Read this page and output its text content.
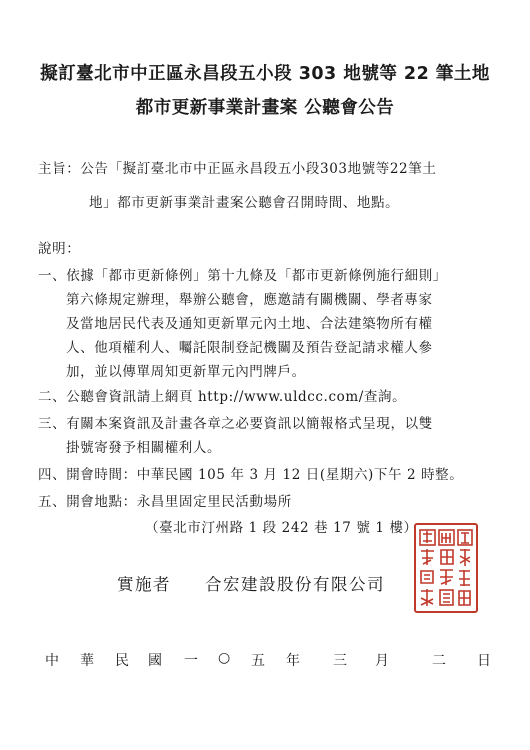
擬訂臺北市中正區永昌段五小段 303 地號等 22 筆土地
都市更新事業計畫案 公聽會公告
主旨：公告「擬訂臺北市中正區永昌段五小段303地號等22筆土
地」都市更新事業計畫案公聽會召開時間、地點。
說明：
一、依據「都市更新條例」第十九條及「都市更新條例施行細則」
第六條規定辦理，舉辦公聽會，應邀請有關機關、學者專家
及當地居民代表及通知更新單元內土地、合法建築物所有權
人、他項權利人、囑託限制登記機關及預告登記請求權人參
加，並以傳單周知更新單元內門牌戶。
二、公聽會資訊請上網頁 http://www.uldcc.com/查詢。
三、有關本案資訊及計畫各章之必要資訊以簡報格式呈現，以雙
掛號寄發予相關權利人。
四、開會時間：中華民國 105 年 3 月 12 日(星期六)下午 2 時整。
五、開會地點：永昌里固定里民活動場所
（臺北市汀州路 1 段 242 巷 17 號 1 樓）
實施者 合宏建設股份有限公司
中 華 民 國 一 ○ 五 年 三 月	二 日
